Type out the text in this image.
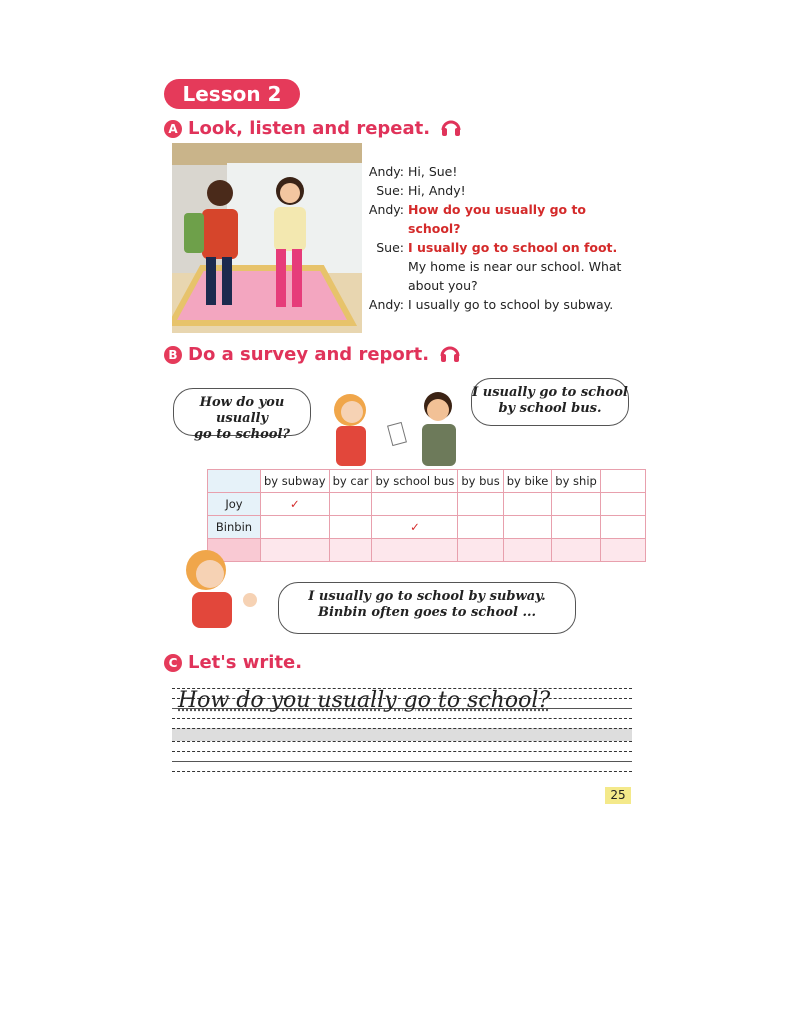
Lesson 2
A Look, listen and repeat.
Andy: Hi, Sue!
Sue: Hi, Andy!
Andy: How do you usually go to school?
Sue: I usually go to school on foot.
My home is near our school. What
about you?
Andy: I usually go to school by subway.
B Do a survey and report.
How do you usually
go to school?
I usually go to school
by school bus.
	by subway	by car	by school bus	by bus	by bike	by ship	
Joy	✓						
Binbin			✓				

I usually go to school by subway.
Binbin often goes to school ...
C Let's write.
How do you usually go to school?
25
